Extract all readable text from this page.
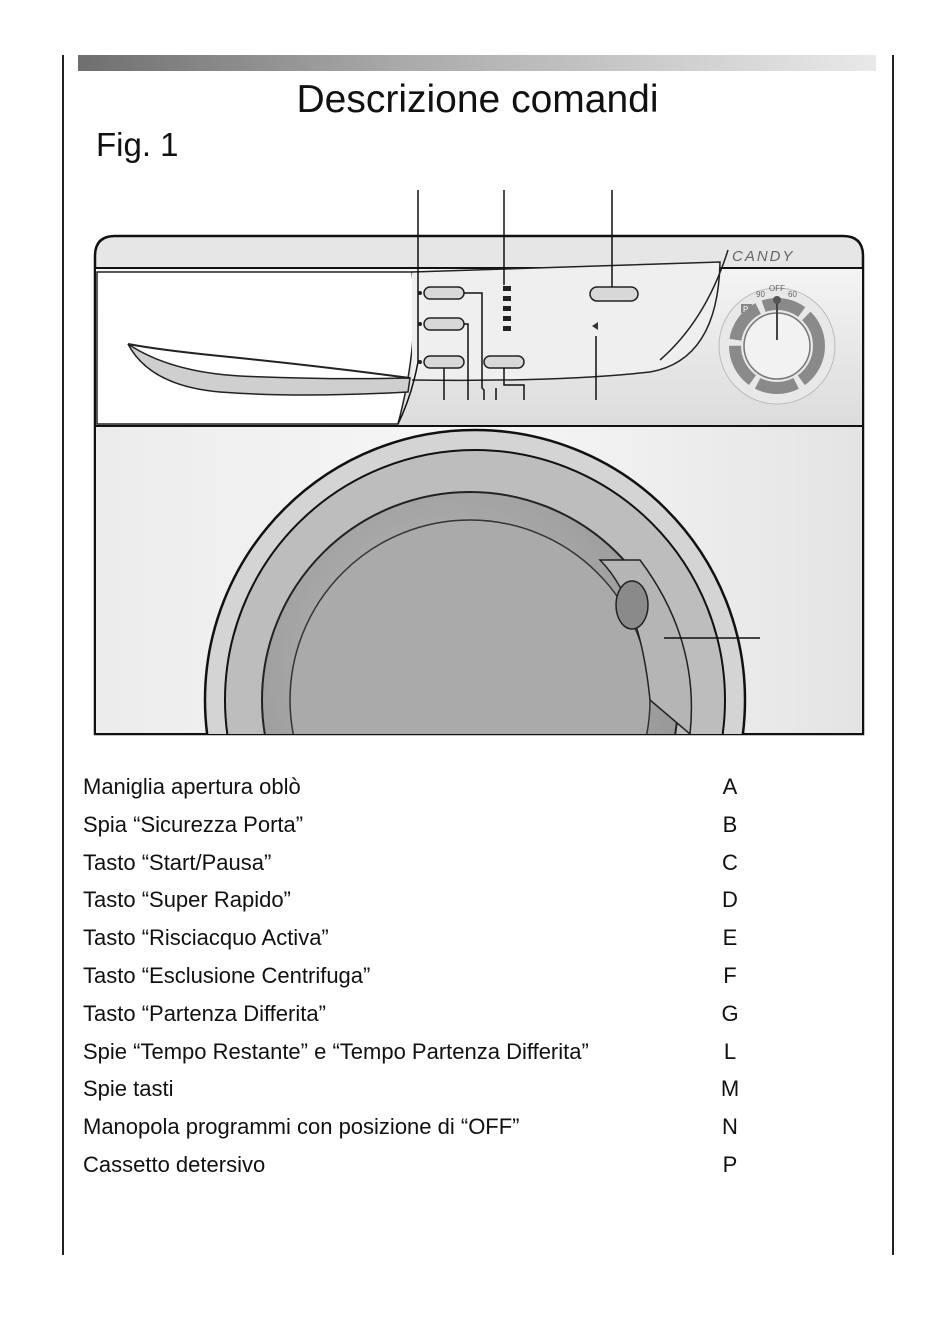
Descrizione comandi

Fig. 1

CANDY
90
OFF
60
P
Maniglia apertura oblò	A
Spia “Sicurezza Porta”	B
Tasto “Start/Pausa”	C
Tasto “Super Rapido”	D
Tasto “Risciacquo Activa”	E
Tasto “Esclusione Centrifuga”	F
Tasto “Partenza Differita”	G
Spie “Tempo Restante” e “Tempo Partenza Differita”	L
Spie tasti	M
Manopola programmi con posizione di “OFF”	N
Cassetto detersivo	P
